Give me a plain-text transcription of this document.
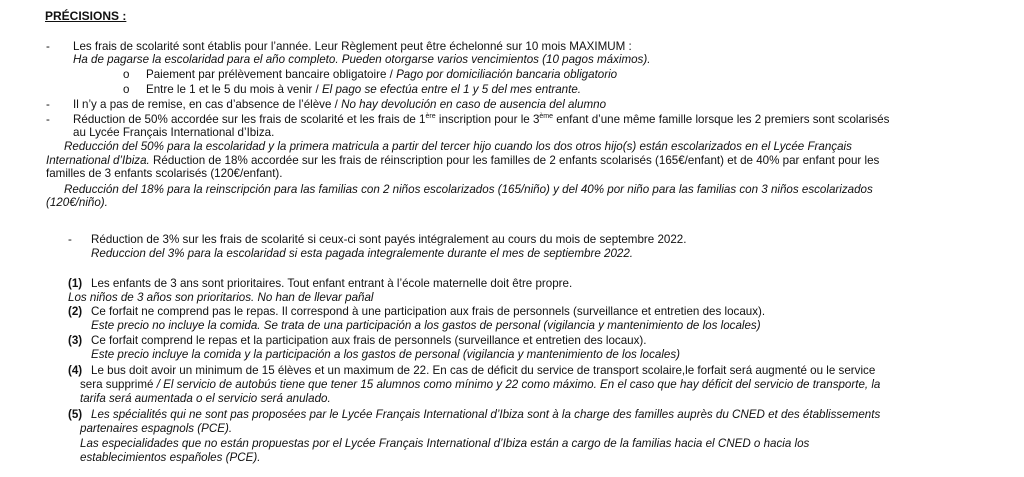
PRÉCISIONS :
- Les frais de scolarité sont établis pour l’année. Leur Règlement peut être échelonné sur 10 mois MAXIMUM :
Ha de pagarse la escolaridad para el año completo. Pueden otorgarse varios vencimientos (10 pagos máximos).
o Paiement par prélèvement bancaire obligatoire / Pago por domiciliación bancaria obligatorio
o Entre le 1 et le 5 du mois à venir / El pago se efectúa entre el 1 y 5 del mes entrante.
- Il n’y a pas de remise, en cas d’absence de l’élève / No hay devolución en caso de ausencia del alumno
- Réduction de 50% accordée sur les frais de scolarité et les frais de 1ère inscription pour le 3ème enfant d’une même famille lorsque les 2 premiers sont scolarisés
au Lycée Français International d’Ibiza.
Reducción del 50% para la escolaridad y la primera matricula a partir del tercer hijo cuando los dos otros hijo(s) están escolarizados en el Lycée Français
International d’Ibiza. Réduction de 18% accordée sur les frais de réinscription pour les familles de 2 enfants scolarisés (165€/enfant) et de 40% par enfant pour les
familles de 3 enfants scolarisés (120€/enfant).
Reducción del 18% para la reinscripción para las familias con 2 niños escolarizados (165/niño) y del 40% por niño para las familias con 3 niños escolarizados
(120€/niño).
- Réduction de 3% sur les frais de scolarité si ceux-ci sont payés intégralement au cours du mois de septembre 2022.
Reduccion del 3% para la escolaridad si esta pagada integralemente durante el mes de septiembre 2022.
(1) Les enfants de 3 ans sont prioritaires. Tout enfant entrant à l’école maternelle doit être propre.
Los niños de 3 años son prioritarios. No han de llevar pañal
(2) Ce forfait ne comprend pas le repas. Il correspond à une participation aux frais de personnels (surveillance et entretien des locaux).
Este precio no incluye la comida. Se trata de una participación a los gastos de personal (vigilancia y mantenimiento de los locales)
(3) Ce forfait comprend le repas et la participation aux frais de personnels (surveillance et entretien des locaux).
Este precio incluye la comida y la participación a los gastos de personal (vigilancia y mantenimiento de los locales)
(4) Le bus doit avoir un minimum de 15 élèves et un maximum de 22. En cas de déficit du service de transport scolaire,le forfait será augmenté ou le service
sera supprimé / El servicio de autobús tiene que tener 15 alumnos como mínimo y 22 como máximo. En el caso que hay déficit del servicio de transporte, la
tarifa será aumentada o el servicio será anulado.
(5) Les spécialités qui ne sont pas proposées par le Lycée Français International d’Ibiza sont à la charge des familles auprès du CNED et des établissements
partenaires espagnols (PCE).
Las especialidades que no están propuestas por el Lycée Français International d’Ibiza están a cargo de la familias hacia el CNED o hacia los
establecimientos españoles (PCE).
